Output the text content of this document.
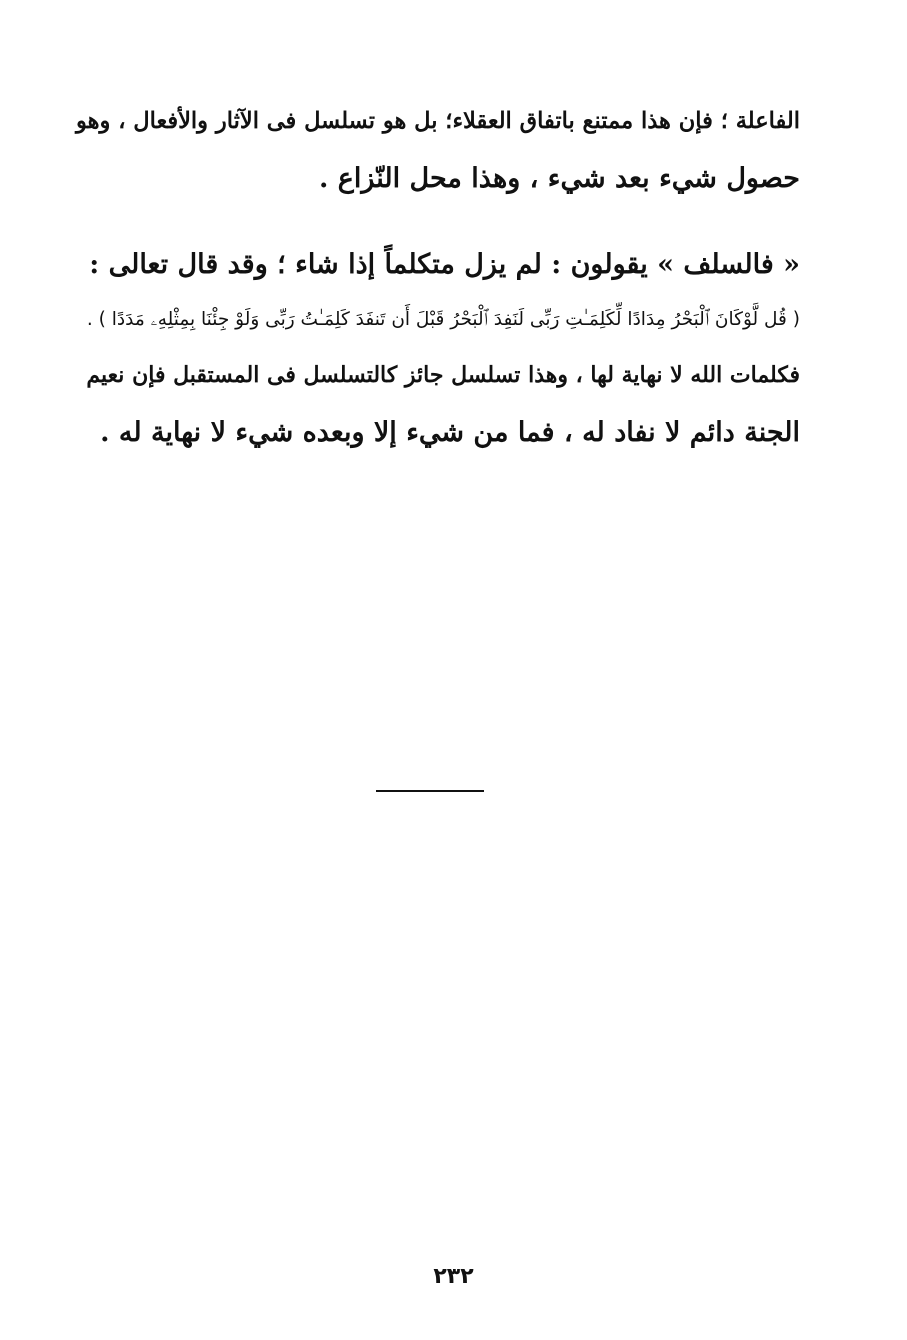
الفاعلة ؛ فإن هذا ممتنع باتفاق العقلاء؛ بل هو تسلسل فى الآثار والأفعال ، وهو
حصول شيء بعد شيء ، وهذا محل النّزاع .
« فالسلف » يقولون : لم يزل متكلماً إذا شاء ؛ وقد قال تعالى :
( قُل لَّوْكَانَ ٱلْبَحْرُ مِدَادًا لِّكَلِمَـٰتِ رَبِّى لَنَفِدَ ٱلْبَحْرُ قَبْلَ أَن تَنفَدَ كَلِمَـٰتُ رَبِّى وَلَوْ جِئْنَا بِمِثْلِهِۦ مَدَدًا ) .
فكلمات الله لا نهاية لها ، وهذا تسلسل جائز كالتسلسل فى المستقبل فإن نعيم
الجنة دائم لا نفاد له ، فما من شيء إلا وبعده شيء لا نهاية له .
٢٣٢
